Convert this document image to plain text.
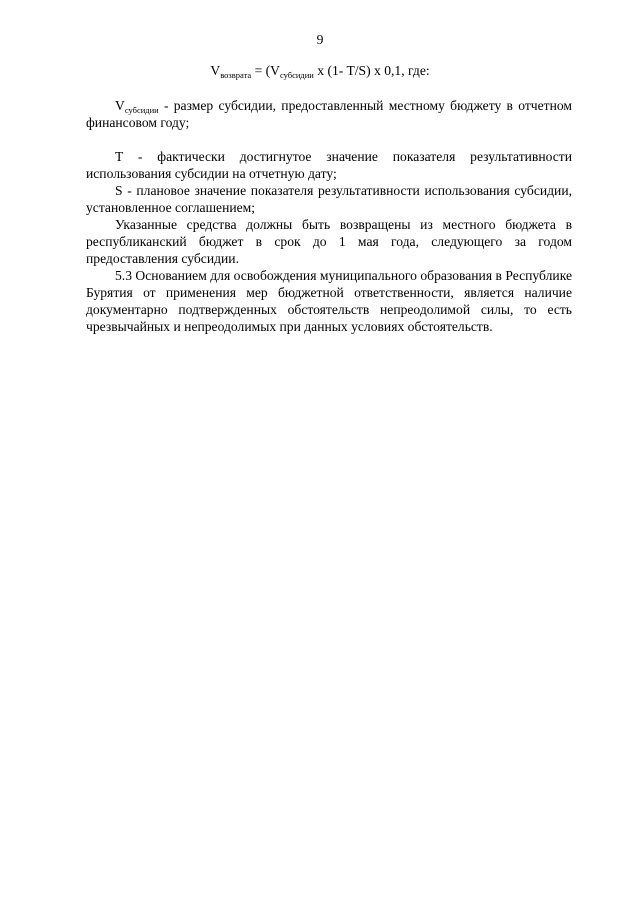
9
$V_{возврата} = (V_{субсидии}$ x (1- T/S) x 0,1, где:

$V_{субсидии}$ - размер субсидии, предоставленный местному бюджету в отчетном финансовом году;

T - фактически достигнутое значение показателя результативности использования субсидии на отчетную дату;

S - плановое значение показателя результативности использования субсидии, установленное соглашением;

Указанные средства должны быть возвращены из местного бюджета в республиканский бюджет в срок до 1 мая года, следующего за годом предоставления субсидии.

5.3 Основанием для освобождения муниципального образования в Республике Бурятия от применения мер бюджетной ответственности, является наличие документарно подтвержденных обстоятельств непреодолимой силы, то есть чрезвычайных и непреодолимых при данных условиях обстоятельств.
